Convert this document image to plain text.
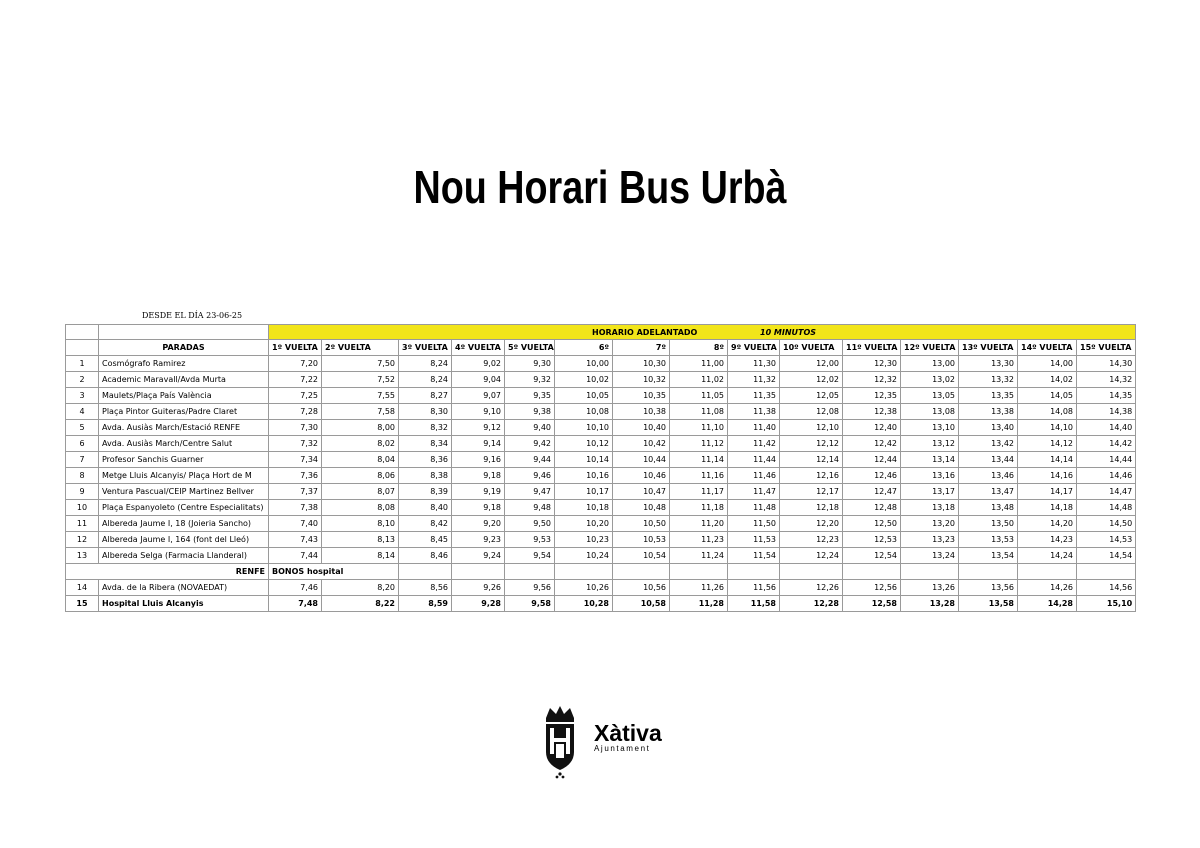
Nou Horari Bus Urbà
DESDE EL DÍA 23-06-25

		HORARIO ADELANTADO 10 MINUTOS														

	PARADAS	1º VUELTA	2º VUELTA	3º VUELTA	4º VUELTA	5º VUELTA	6º	7º	8º	9º VUELTA	10º VUELTA	11º VUELTA	12º VUELTA	13º VUELTA	14º VUELTA	15º VUELTA
1	Cosmógrafo Ramirez	7,20	7,50	8,24	9,02	9,30	10,00	10,30	11,00	11,30	12,00	12,30	13,00	13,30	14,00	14,30
2	Academic Maravall/Avda Murta	7,22	7,52	8,24	9,04	9,32	10,02	10,32	11,02	11,32	12,02	12,32	13,02	13,32	14,02	14,32
3	Maulets/Plaça País València	7,25	7,55	8,27	9,07	9,35	10,05	10,35	11,05	11,35	12,05	12,35	13,05	13,35	14,05	14,35
4	Plaça Pintor Guiteras/Padre Claret	7,28	7,58	8,30	9,10	9,38	10,08	10,38	11,08	11,38	12,08	12,38	13,08	13,38	14,08	14,38
5	Avda. Ausiàs March/Estació RENFE	7,30	8,00	8,32	9,12	9,40	10,10	10,40	11,10	11,40	12,10	12,40	13,10	13,40	14,10	14,40
6	Avda. Ausiàs March/Centre Salut	7,32	8,02	8,34	9,14	9,42	10,12	10,42	11,12	11,42	12,12	12,42	13,12	13,42	14,12	14,42
7	Profesor Sanchis Guarner	7,34	8,04	8,36	9,16	9,44	10,14	10,44	11,14	11,44	12,14	12,44	13,14	13,44	14,14	14,44
8	Metge Lluis Alcanyis/ Plaça Hort de M	7,36	8,06	8,38	9,18	9,46	10,16	10,46	11,16	11,46	12,16	12,46	13,16	13,46	14,16	14,46
9	Ventura Pascual/CEIP Martinez Bellver	7,37	8,07	8,39	9,19	9,47	10,17	10,47	11,17	11,47	12,17	12,47	13,17	13,47	14,17	14,47
10	Plaça Espanyoleto (Centre Especialitats)	7,38	8,08	8,40	9,18	9,48	10,18	10,48	11,18	11,48	12,18	12,48	13,18	13,48	14,18	14,48
11	Albereda Jaume I, 18 (Joieria Sancho)	7,40	8,10	8,42	9,20	9,50	10,20	10,50	11,20	11,50	12,20	12,50	13,20	13,50	14,20	14,50
12	Albereda Jaume I, 164 (font del Lleó)	7,43	8,13	8,45	9,23	9,53	10,23	10,53	11,23	11,53	12,23	12,53	13,23	13,53	14,23	14,53
13	Albereda Selga (Farmacia Llanderal)	7,44	8,14	8,46	9,24	9,54	10,24	10,54	11,24	11,54	12,24	12,54	13,24	13,54	14,24	14,54
RENFE		BONOS hospital														
14	Avda. de la Ribera (NOVAEDAT)	7,46	8,20	8,56	9,26	9,56	10,26	10,56	11,26	11,56	12,26	12,56	13,26	13,56	14,26	14,56
15	Hospital Lluis Alcanyis	7,48	8,22	8,59	9,28	9,58	10,28	10,58	11,28	11,58	12,28	12,58	13,28	13,58	14,28	15,10
Xàtiva
Ajuntament
